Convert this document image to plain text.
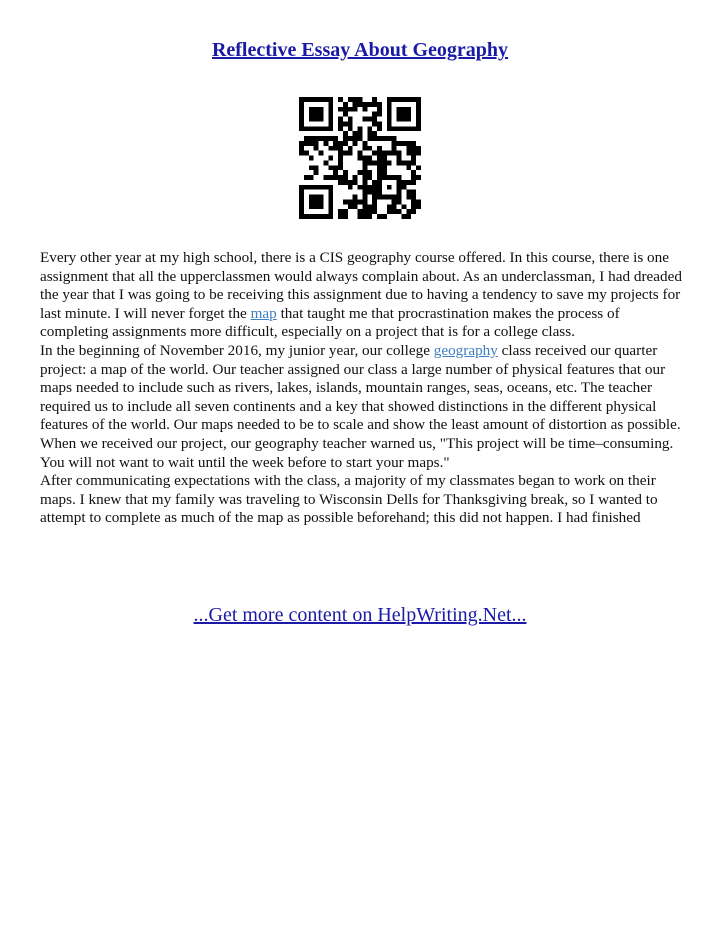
Reflective Essay About Geography

Every other year at my high school, there is a CIS geography course offered. In this course, there is one assignment that all the upperclassmen would always complain about. As an underclassman, I had dreaded the year that I was going to be receiving this assignment due to having a tendency to save my projects for last minute. I will never forget the map that taught me that procrastination makes the process of completing assignments more difficult, especially on a project that is for a college class.

In the beginning of November 2016, my junior year, our college geography class received our quarter project: a map of the world. Our teacher assigned our class a large number of physical features that our maps needed to include such as rivers, lakes, islands, mountain ranges, seas, oceans, etc. The teacher required us to include all seven continents and a key that showed distinctions in the different physical features of the world. Our maps needed to be to scale and show the least amount of distortion as possible. When we received our project, our geography teacher warned us, "This project will be time–consuming. You will not want to wait until the week before to start your maps."

After communicating expectations with the class, a majority of my classmates began to work on their maps. I knew that my family was traveling to Wisconsin Dells for Thanksgiving break, so I wanted to attempt to complete as much of the map as possible beforehand; this did not happen. I had finished

...Get more content on HelpWriting.Net...
